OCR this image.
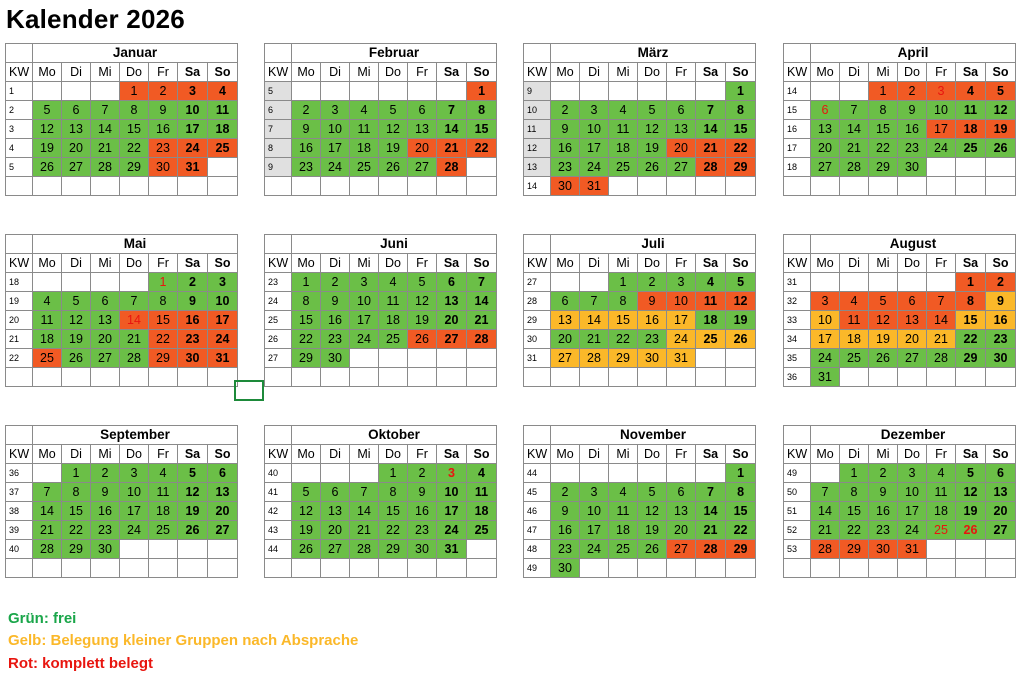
Kalender 2026
	Januar						
KW	Mo	Di	Mi	Do	Fr	Sa	So
1				1	2	3	4
2	5	6	7	8	9	10	11
3	12	13	14	15	16	17	18
4	19	20	21	22	23	24	25
5	26	27	28	29	30	31	

	Februar						
KW	Mo	Di	Mi	Do	Fr	Sa	So
5							1
6	2	3	4	5	6	7	8
7	9	10	11	12	13	14	15
8	16	17	18	19	20	21	22
9	23	24	25	26	27	28	

	März						
KW	Mo	Di	Mi	Do	Fr	Sa	So
9							1
10	2	3	4	5	6	7	8
11	9	10	11	12	13	14	15
12	16	17	18	19	20	21	22
13	23	24	25	26	27	28	29
14	30	31					
	April						
KW	Mo	Di	Mi	Do	Fr	Sa	So
14			1	2	3	4	5
15	6	7	8	9	10	11	12
16	13	14	15	16	17	18	19
17	20	21	22	23	24	25	26
18	27	28	29	30			

	Mai						
KW	Mo	Di	Mi	Do	Fr	Sa	So
18					1	2	3
19	4	5	6	7	8	9	10
20	11	12	13	14	15	16	17
21	18	19	20	21	22	23	24
22	25	26	27	28	29	30	31

	Juni						
KW	Mo	Di	Mi	Do	Fr	Sa	So
23	1	2	3	4	5	6	7
24	8	9	10	11	12	13	14
25	15	16	17	18	19	20	21
26	22	23	24	25	26	27	28
27	29	30					

	Juli						
KW	Mo	Di	Mi	Do	Fr	Sa	So
27			1	2	3	4	5
28	6	7	8	9	10	11	12
29	13	14	15	16	17	18	19
30	20	21	22	23	24	25	26
31	27	28	29	30	31		

	August						
KW	Mo	Di	Mi	Do	Fr	Sa	So
31						1	2
32	3	4	5	6	7	8	9
33	10	11	12	13	14	15	16
34	17	18	19	20	21	22	23
35	24	25	26	27	28	29	30
36	31						
	September						
KW	Mo	Di	Mi	Do	Fr	Sa	So
36		1	2	3	4	5	6
37	7	8	9	10	11	12	13
38	14	15	16	17	18	19	20
39	21	22	23	24	25	26	27
40	28	29	30				

	Oktober						
KW	Mo	Di	Mi	Do	Fr	Sa	So
40				1	2	3	4
41	5	6	7	8	9	10	11
42	12	13	14	15	16	17	18
43	19	20	21	22	23	24	25
44	26	27	28	29	30	31	

	November						
KW	Mo	Di	Mi	Do	Fr	Sa	So
44							1
45	2	3	4	5	6	7	8
46	9	10	11	12	13	14	15
47	16	17	18	19	20	21	22
48	23	24	25	26	27	28	29
49	30						
	Dezember						
KW	Mo	Di	Mi	Do	Fr	Sa	So
49		1	2	3	4	5	6
50	7	8	9	10	11	12	13
51	14	15	16	17	18	19	20
52	21	22	23	24	25	26	27
53	28	29	30	31			

Grün: frei
Gelb: Belegung kleiner Gruppen nach Absprache
Rot: komplett belegt
